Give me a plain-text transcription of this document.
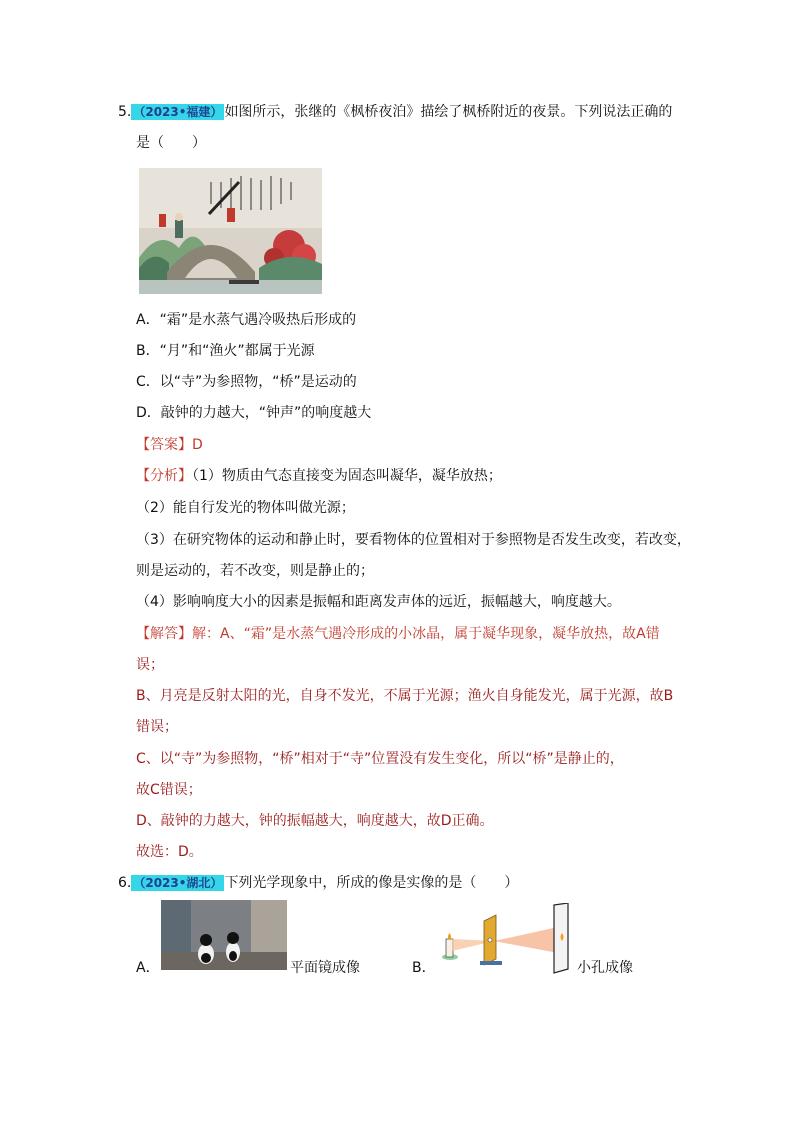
5. （2023•福建） 如图所示，张继的《枫桥夜泊》描绘了枫桥附近的夜景。下列说法正确的
是（　　）
A．“霜”是水蒸气遇冷吸热后形成的
B．“月”和“渔火”都属于光源
C．以“寺”为参照物，“桥”是运动的
D．敲钟的力越大，“钟声”的响度越大
【答案】D
【分析】（1）物质由气态直接变为固态叫凝华，凝华放热；
（2）能自行发光的物体叫做光源；
（3）在研究物体的运动和静止时，要看物体的位置相对于参照物是否发生改变，若改变，
则是运动的，若不改变，则是静止的；
（4）影响响度大小的因素是振幅和距离发声体的远近，振幅越大，响度越大。
【解答】解：A、“霜”是水蒸气遇冷形成的小冰晶，属于凝华现象，凝华放热，故A错
误；
B、月亮是反射太阳的光，自身不发光，不属于光源；渔火自身能发光，属于光源，故B
错误；
C、以“寺”为参照物，“桥”相对于“寺”位置没有发生变化，所以“桥”是静止的，
故C错误；
D、敲钟的力越大，钟的振幅越大，响度越大，故D正确。
故选：D。
6. （2023•湖北） 下列光学现象中，所成的像是实像的是（　　）
A．	平面镜成像	B．	小孔成像
